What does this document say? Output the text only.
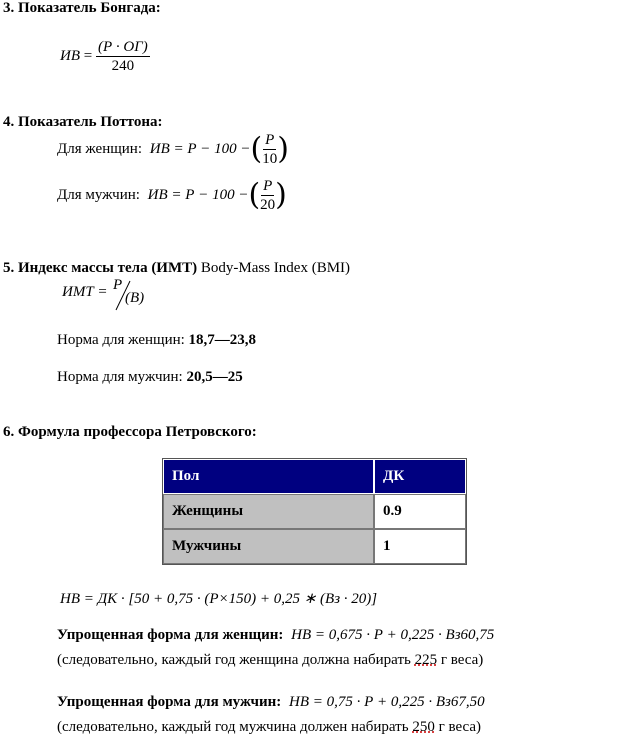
3. Показатель Бонгада:
ИВ = $\frac{(Р \cdot ОГ)}{240}$
4. Показатель Поттона:
Для женщин: ИВ = Р − 100 −( $\frac{Р}{10}$ )
Для мужчин: ИВ = Р − 100 −( $\frac{Р}{20}$ )
5. Индекс массы тела (ИМТ) Body-Mass Index (BMI)
ИМТ = Р
(В)
Норма для женщин: 18,7—23,8
Норма для мужчин: 20,5—25
6. Формула профессора Петровского:
Пол	ДК
Женщины	0.9
Мужчины	1
НВ = ДК · [50 + 0,75 · (Р×150) + 0,25 ∗ (Вз · 20)]
Упрощенная форма для женщин: НВ = 0,675 · Р + 0,225 · Вз60,75
(следовательно, каждый год женщина должна набирать 225 г веса)
Упрощенная форма для мужчин: НВ = 0,75 · Р + 0,225 · Вз67,50
(следовательно, каждый год мужчина должен набирать 250 г веса)
